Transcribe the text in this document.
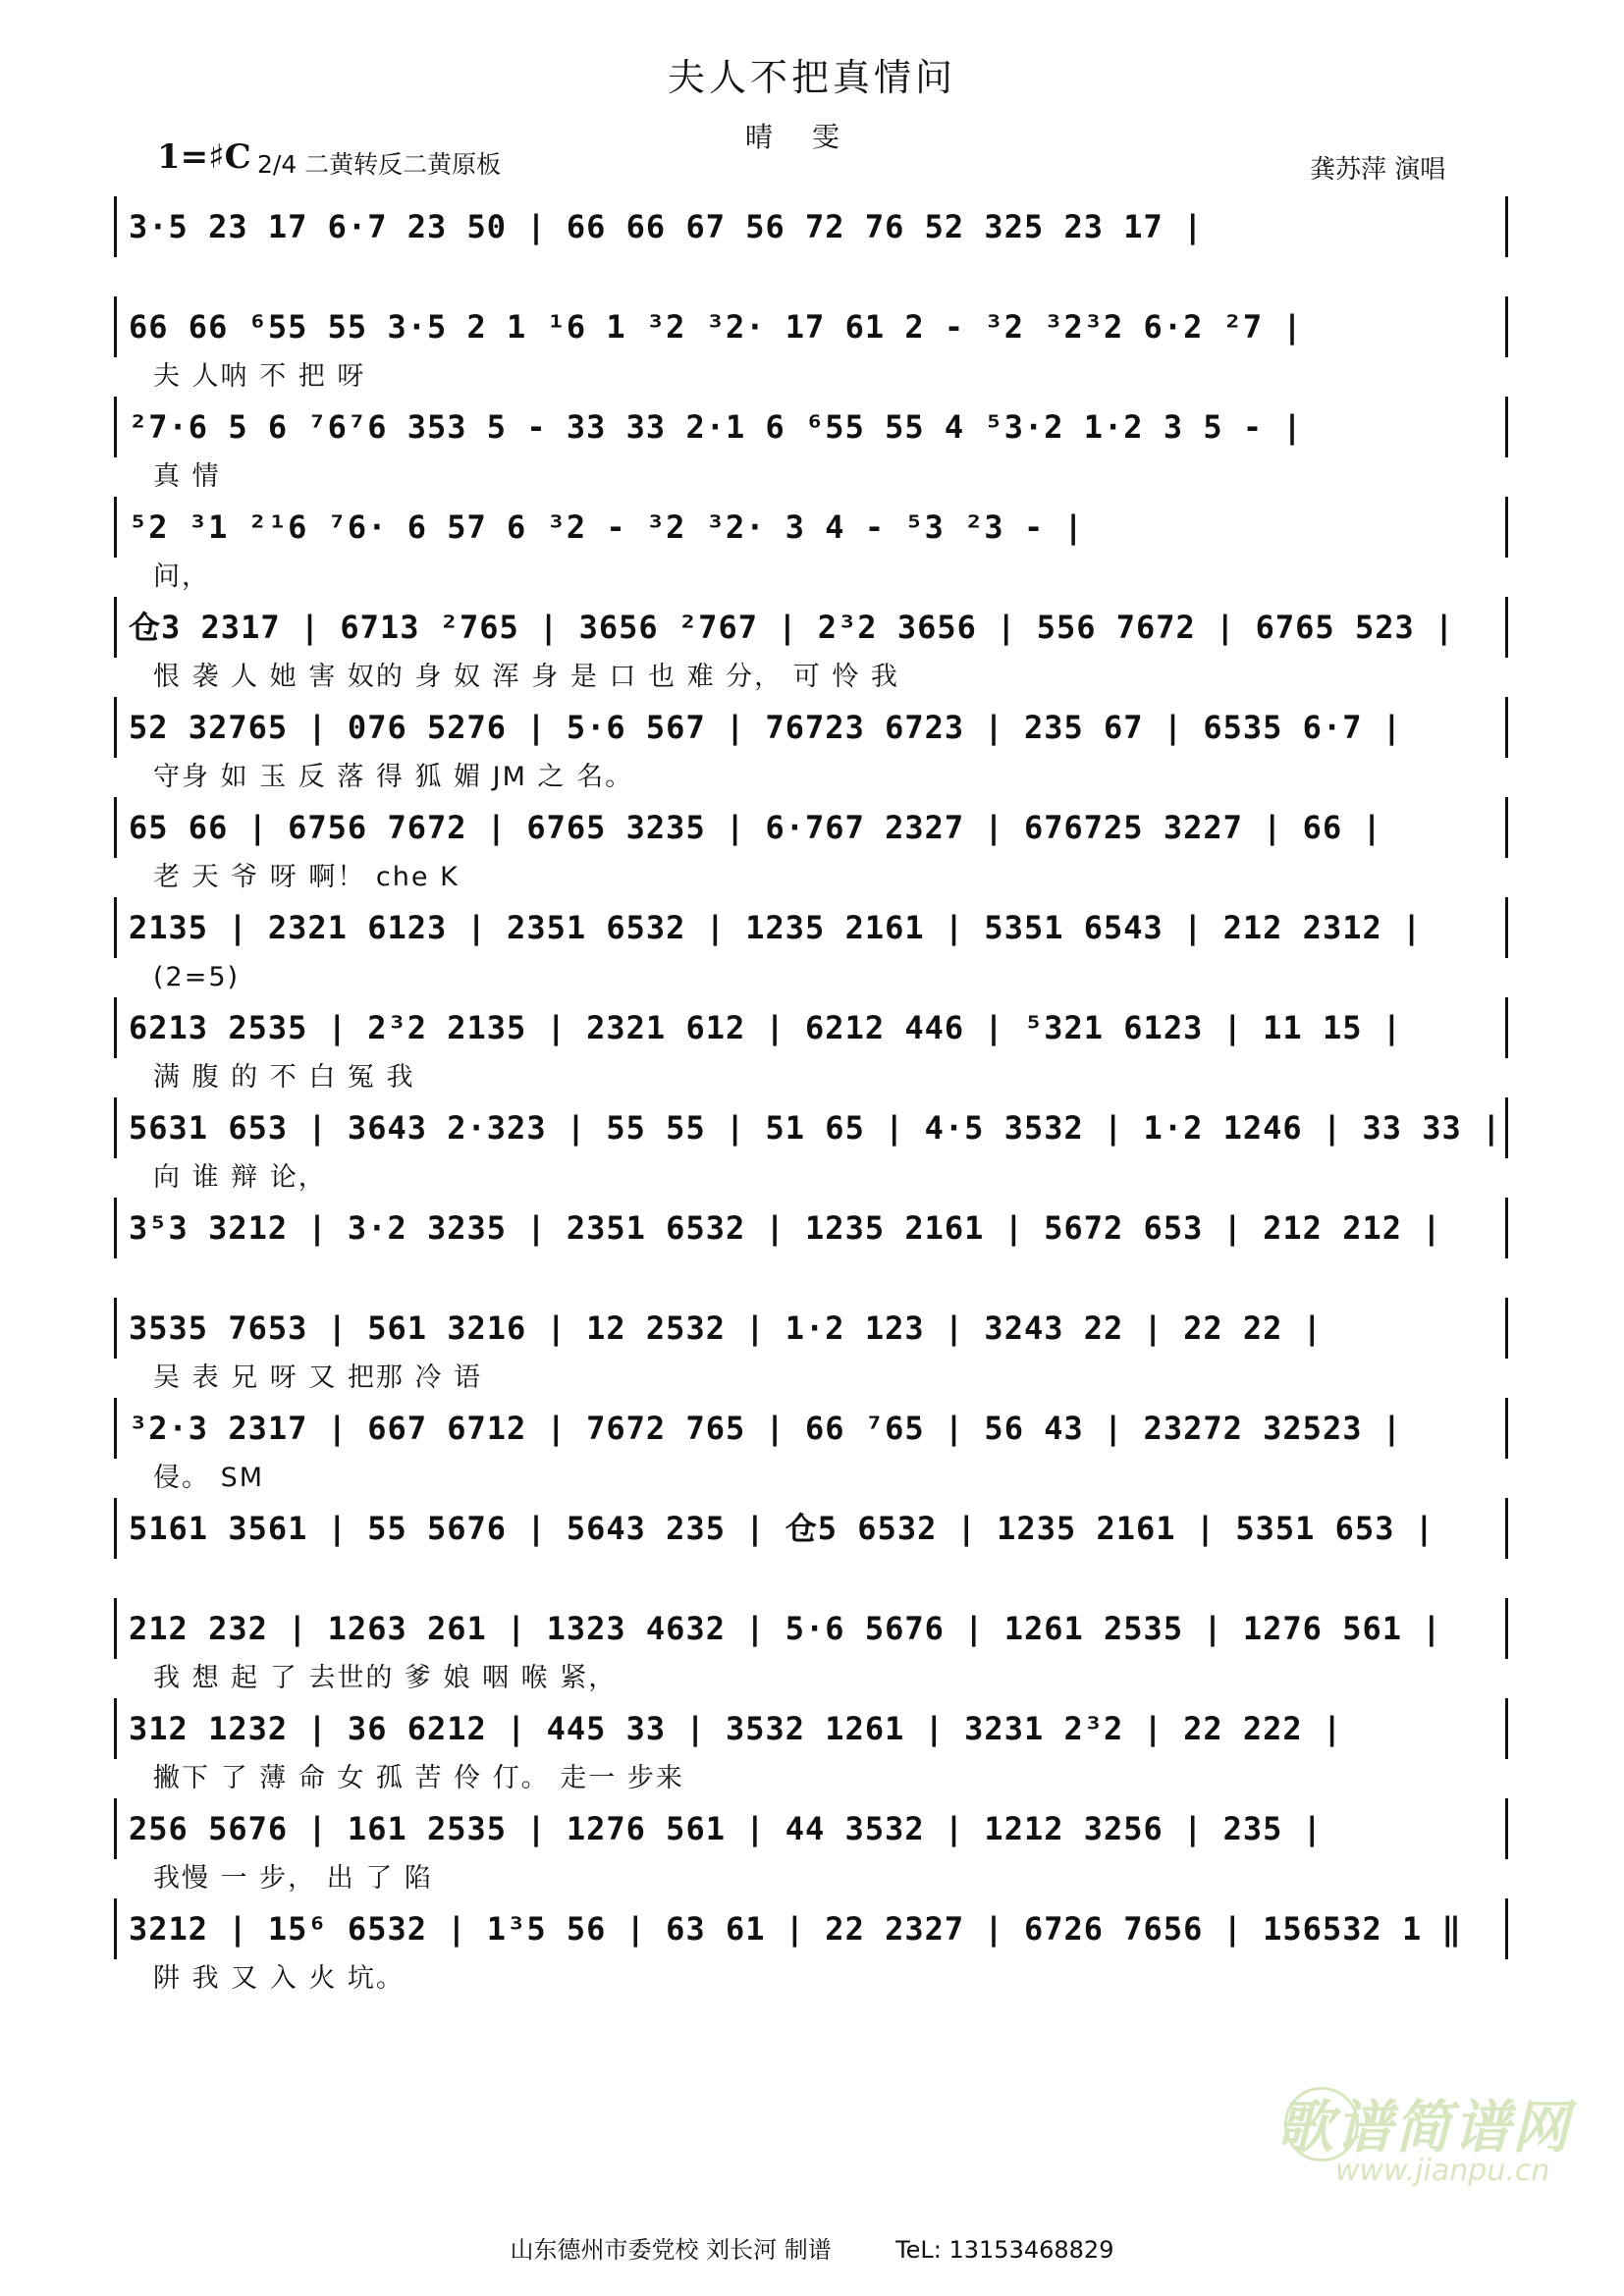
夫人不把真情问
晴雯
1=♯C 2/4 二黄转反二黄原板	龚苏萍 演唱
3·5 23 17 6·7 23 50 | 66 66 67 56 72 76 52 325 23 17 |
66 66 ⁶55 55 3·5 2 1 ¹6 1 ³2 ³2· 17 61 2 - ³2 ³2³2 6·2 ²7 |
夫 人呐 不 把 呀
²7·6 5 6 ⁷6⁷6 353 5 - 33 33 2·1 6 ⁶55 55 4 ⁵3·2 1·2 3 5 - |
真 情
⁵2 ³1 ²¹6 ⁷6· 6 57 6 ³2 - ³2 ³2· 3 4 - ⁵3 ²3 - |
问，
仓3 2317 | 6713 ²765 | 3656 ²767 | 2³2 3656 | 556 7672 | 6765 523 |
恨 袭 人 她 害 奴的 身 奴 浑 身 是 口 也 难 分， 可 怜 我
52 32765 | 076 5276 | 5·6 567 | 76723 6723 | 235 67 | 6535 6·7 |
守身 如 玉 反 落 得 狐 媚 JM 之 名。
65 66 | 6756 7672 | 6765 3235 | 6·767 2327 | 676725 3227 | 66 |
老 天 爷 呀 啊！ che K
2135 | 2321 6123 | 2351 6532 | 1235 2161 | 5351 6543 | 212 2312 |
(2=5)
6213 2535 | 2³2 2135 | 2321 612 | 6212 446 | ⁵321 6123 | 11 15 |
满 腹 的 不 白 冤 我
5631 653 | 3643 2·323 | 55 55 | 51 65 | 4·5 3532 | 1·2 1246 | 33 33 |
向 谁 辩 论，
3⁵3 3212 | 3·2 3235 | 2351 6532 | 1235 2161 | 5672 653 | 212 212 |
3535 7653 | 561 3216 | 12 2532 | 1·2 123 | 3243 22 | 22 22 |
吴 表 兄 呀 又 把那 冷 语
³2·3 2317 | 667 6712 | 7672 765 | 66 ⁷65 | 56 43 | 23272 32523 |
侵。 SM
5161 3561 | 55 5676 | 5643 235 | 仓5 6532 | 1235 2161 | 5351 653 |
212 232 | 1263 261 | 1323 4632 | 5·6 5676 | 1261 2535 | 1276 561 |
我 想 起 了 去世的 爹 娘 咽 喉 紧，
312 1232 | 36 6212 | 445 33 | 3532 1261 | 3231 2³2 | 22 222 |
撇下 了 薄 命 女 孤 苦 伶 仃。 走一 步来
256 5676 | 161 2535 | 1276 561 | 44 3532 | 1212 3256 | 235 |
我慢 一 步， 出 了 陷
3212 | 15⁶ 6532 | 1³5 56 | 63 61 | 22 2327 | 6726 7656 | 156532 1 ‖
阱 我 又 入 火 坑。
歌谱简谱网
www.jianpu.cn
山东德州市委党校 刘长河 制谱	TeL: 13153468829
